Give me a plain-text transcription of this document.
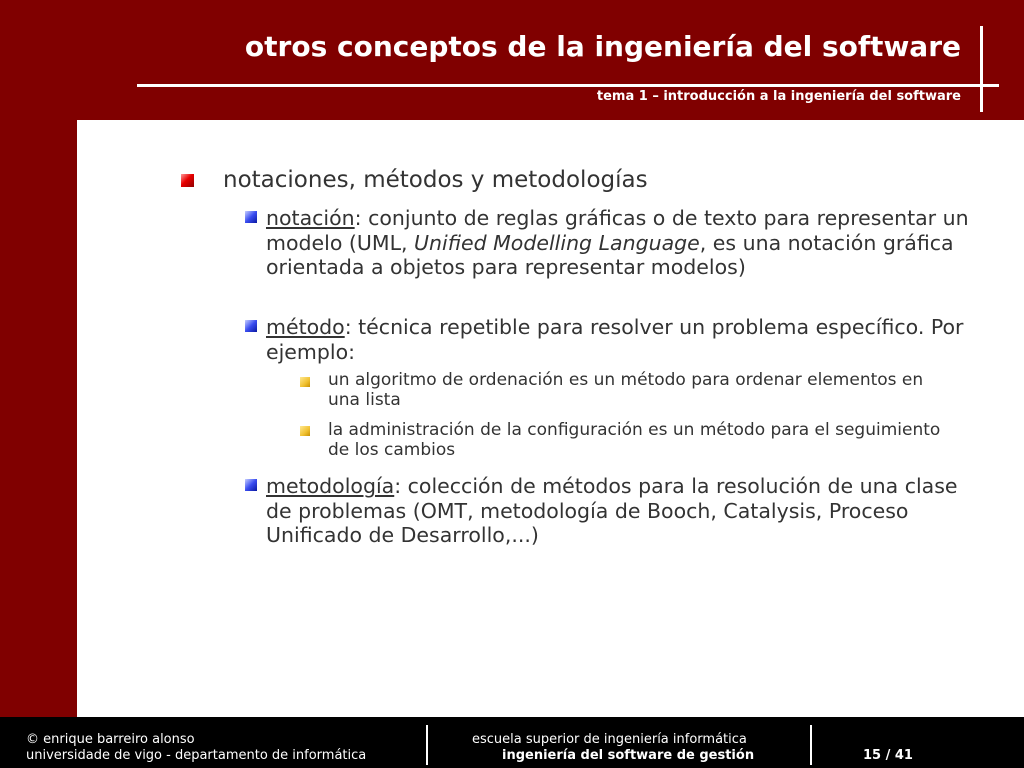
otros conceptos de la ingeniería del software
tema 1 – introducción a la ingeniería del software
notaciones, métodos y metodologías
notación: conjunto de reglas gráficas o de texto para representar un modelo (UML, Unified Modelling Language, es una notación gráfica orientada a objetos para representar modelos)
método: técnica repetible para resolver un problema específico. Por ejemplo:
un algoritmo de ordenación es un método para ordenar elementos en una lista
la administración de la configuración es un método para el seguimiento de los cambios
metodología: colección de métodos para la resolución de una clase de problemas (OMT, metodología de Booch, Catalysis, Proceso Unificado de Desarrollo,...)
© enrique barreiro alonso
universidade de vigo - departamento de informática
escuela superior de ingeniería informática
ingeniería del software de gestión	15 / 41
